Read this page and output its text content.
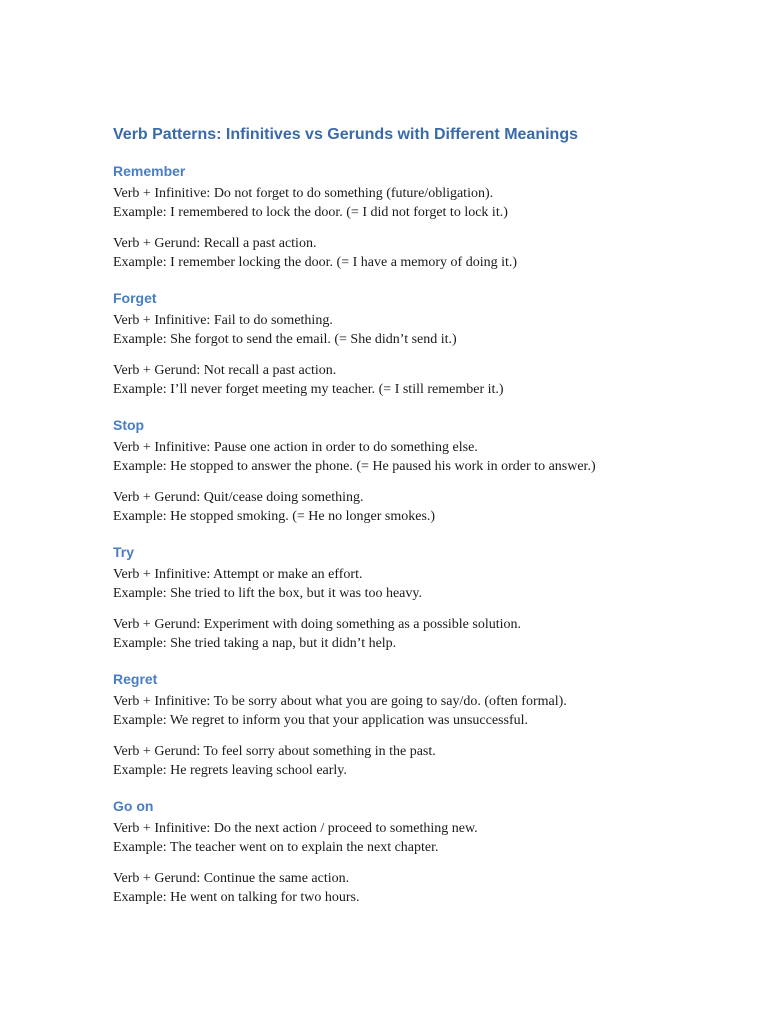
Verb Patterns: Infinitives vs Gerunds with Different Meanings
Remember
Verb + Infinitive: Do not forget to do something (future/obligation).
Example: I remembered to lock the door. (= I did not forget to lock it.)
Verb + Gerund: Recall a past action.
Example: I remember locking the door. (= I have a memory of doing it.)
Forget
Verb + Infinitive: Fail to do something.
Example: She forgot to send the email. (= She didn’t send it.)
Verb + Gerund: Not recall a past action.
Example: I’ll never forget meeting my teacher. (= I still remember it.)
Stop
Verb + Infinitive: Pause one action in order to do something else.
Example: He stopped to answer the phone. (= He paused his work in order to answer.)
Verb + Gerund: Quit/cease doing something.
Example: He stopped smoking. (= He no longer smokes.)
Try
Verb + Infinitive: Attempt or make an effort.
Example: She tried to lift the box, but it was too heavy.
Verb + Gerund: Experiment with doing something as a possible solution.
Example: She tried taking a nap, but it didn’t help.
Regret
Verb + Infinitive: To be sorry about what you are going to say/do. (often formal).
Example: We regret to inform you that your application was unsuccessful.
Verb + Gerund: To feel sorry about something in the past.
Example: He regrets leaving school early.
Go on
Verb + Infinitive: Do the next action / proceed to something new.
Example: The teacher went on to explain the next chapter.
Verb + Gerund: Continue the same action.
Example: He went on talking for two hours.
